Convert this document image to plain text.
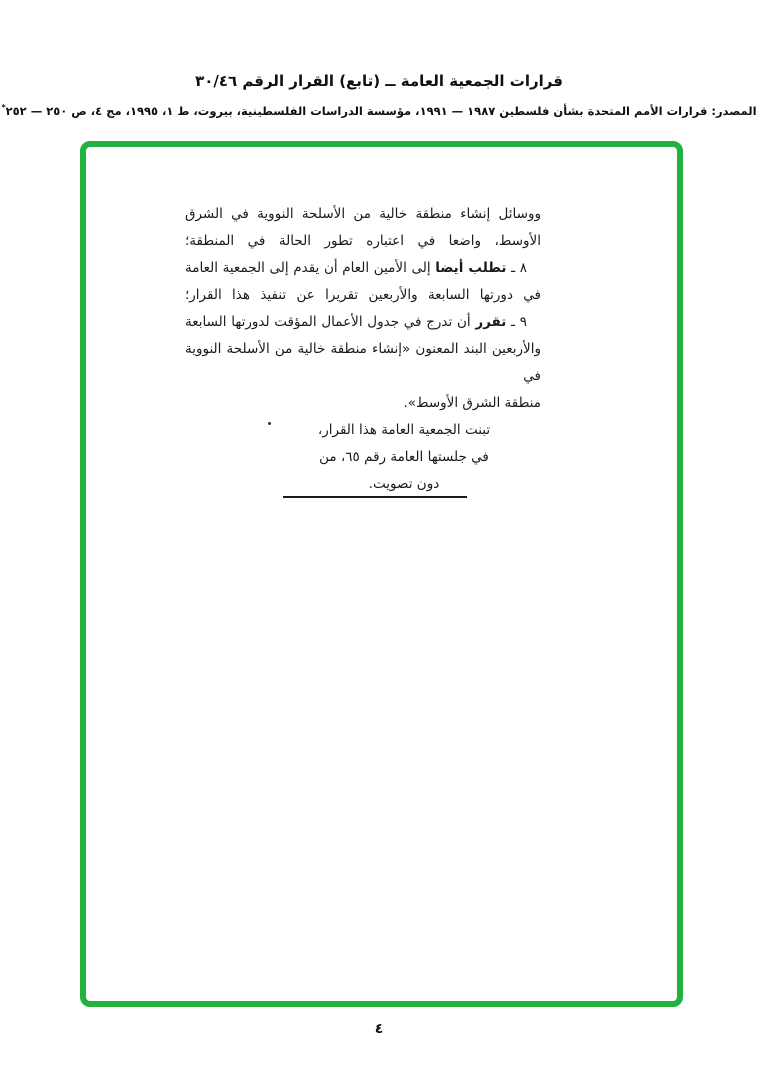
قرارات الجمعية العامة ــ (تابع) القرار الرقم ٣٠/٤٦
المصدر: قرارات الأمم المتحدة بشأن فلسطين ١٩٨٧ — ١٩٩١، مؤسسة الدراسات الفلسطينية، بيروت، ط ١، ١٩٩٥، مج ٤، ص ٢٥٠ — ٢٥٢*
ووسائل إنشاء منطقة خالية من الأسلحة النووية في الشرق
الأوسط، واضعا في اعتباره تطور الحالة في المنطقة؛
٨ ـ تطلب أيضا إلى الأمين العام أن يقدم إلى الجمعية العامة
في دورتها السابعة والأربعين تقريرا عن تنفيذ هذا القرار؛
٩ ـ تقرر أن تدرج في جدول الأعمال المؤقت لدورتها السابعة
والأربعين البند المعنون «إنشاء منطقة خالية من الأسلحة النووية في
منطقة الشرق الأوسط».
تبنت الجمعية العامة هذا القرار،
في جلستها العامة رقم ٦٥، من
دون تصويت.
٤
